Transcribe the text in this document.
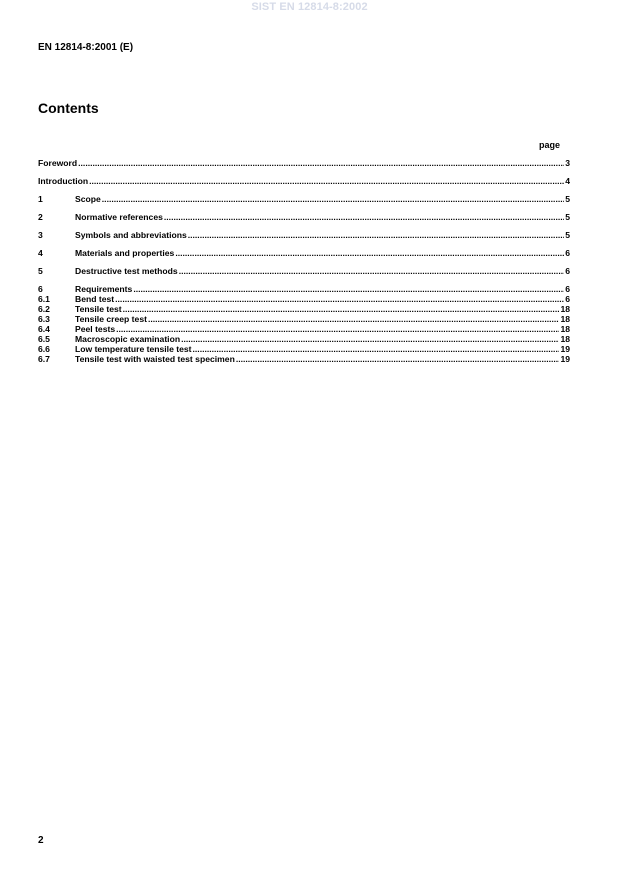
SIST EN 12814-8:2002
EN 12814-8:2001 (E)
Contents
page
Foreword .....	3
Introduction .....	4
1	Scope .....	5
2	Normative references .....	5
3	Symbols and abbreviations .....	5
4	Materials and properties .....	6
5	Destructive test methods .....	6
6	Requirements .....	6
6.1	Bend test .....	6
6.2	Tensile test .....	18
6.3	Tensile creep test .....	18
6.4	Peel tests .....	18
6.5	Macroscopic examination .....	18
6.6	Low temperature tensile test .....	19
6.7	Tensile test with waisted test specimen .....	19
2
